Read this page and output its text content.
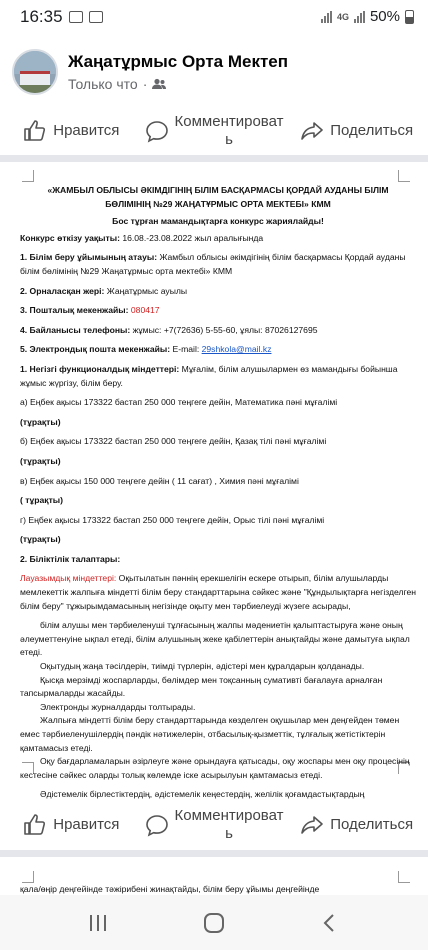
16:35	4G 50%
Жаңатұрмыс Орта Мектеп
Только что ·
Нравится
Комментироват
ь
Поделиться

«ЖАМБЫЛ ОБЛЫСЫ ӘКІМДІГІНІҢ БІЛІМ БАСҚАРМАСЫ ҚОРДАЙ АУДАНЫ БІЛІМ

БӨЛІМІНІҢ №29 ЖАҢАТҰРМЫС ОРТА МЕКТЕБІ» КММ

Бос тұрған мамандықтарға конкурс жариялайды!

Конкурс өткізу уақыты: 16.08.-23.08.2022 жыл аралығында

1. Білім беру ұйымының атауы: Жамбыл облысы әкімдігінің білім басқармасы Қордай ауданы білім бөлімінің №29 Жаңатұрмыс орта мектебі» КММ

2. Орналасқан жері: Жаңатұрмыс ауылы

3. Пошталық мекенжайы: 080417

4. Байланысы телефоны: жұмыс: +7(72636) 5-55-60, ұялы: 87026127695

5. Электрондық пошта мекенжайы: E-mail: 29shkola@mail.kz

1. Негізгі функционалдық міндеттері: Мұғалім, білім алушылармен өз мамандығы бойынша жұмыс жүргізу, білім беру.

а) Еңбек ақысы 173322 бастап 250 000 теңгеге дейін, Математика пәні мұғалімі

(тұрақты)

б) Еңбек ақысы 173322 бастап 250 000 теңгеге дейін, Қазақ тілі пәні мұғалімі

(тұрақты)

в) Еңбек ақысы 150 000 теңгеге дейін ( 11 сағат) , Химия пәні мұғалімі

( тұрақты)

г) Еңбек ақысы 173322 бастап 250 000 теңгеге дейін, Орыс тілі пәні мұғалімі

(тұрақты)

2. Біліктілік талаптары:

Лауазымдық міндеттері: Оқытылатын пәннің ерекшелігін ескере отырып, білім алушыларды мемлекеттік жалпыға міндетті білім беру стандарттарына сәйкес және "Құндылықтарға негізделген білім беру" тұжырымдамасының негізінде оқыту мен тәрбиелеуді жүзеге асырады,

білім алушы мен тәрбиеленуші тұлғасының жалпы мәдениетін қалыптастыруға және оның әлеуметтенуіне ықпал етеді, білім алушының жеке қабілеттерін анықтайды және дамытуға ықпал етеді.

Оқытудың жаңа тәсілдерін, тиімді түрлерін, әдістері мен құралдарын қолданады.

Қысқа мерзімді жоспарларды, бөлімдер мен тоқсанның сумативті бағалауға арналған тапсырмаларды жасайды.

Электронды журналдарды толтырады.

Жалпыға міндетті білім беру стандарттарында көзделген оқушылар мен деңгейден төмен емес тәрбиеленушілердің пәндік нәтижелерін, отбасылық-қызметтік, тұлғалық жетістіктерін қамтамасыз етеді.

Оқу бағдарламаларын әзірлеуге және орындауға қатысады, оқу жоспары мен оқу процесінің кестесіне сәйкес оларды толық көлемде іске асырылуын қамтамасыз етеді.

Әдістемелік бірлестіктердің, әдістемелік кеңестердің, желілік қоғамдастықтардың

Нравится
Комментироват
ь
Поделиться

қала/өңір деңгейінде тәжірибені жинақтайды, білім беру ұйымы деңгейінде
